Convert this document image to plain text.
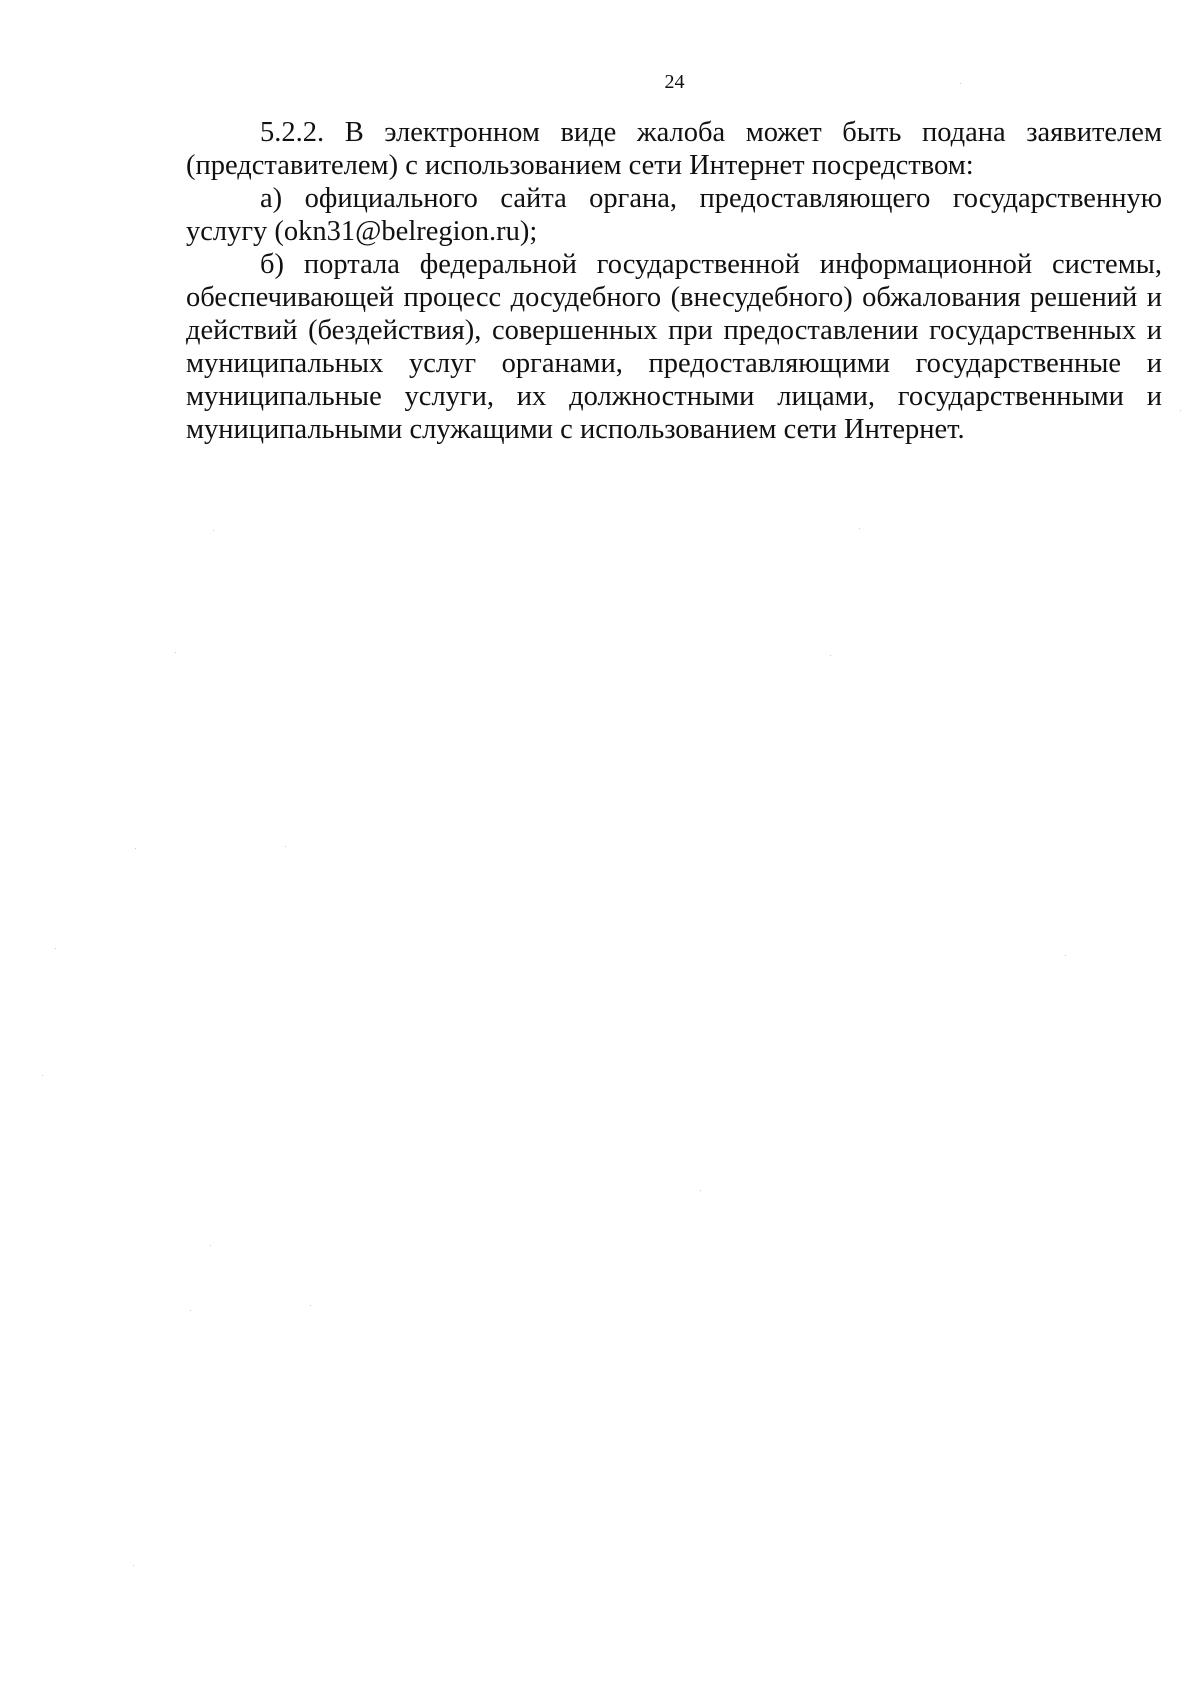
24

5.2.2. В электронном виде жалоба может быть подана заявителем (представителем) с использованием сети Интернет посредством:

а) официального сайта органа, предоставляющего государственную услугу (okn31@belregion.ru);

б) портала федеральной государственной информационной системы, обеспечивающей процесс досудебного (внесудебного) обжалования решений и действий (бездействия), совершенных при предоставлении государственных и муниципальных услуг органами, предоставляющими государственные и муниципальные услуги, их должностными лицами, государственными и муниципальными служащими с использованием сети Интернет.
